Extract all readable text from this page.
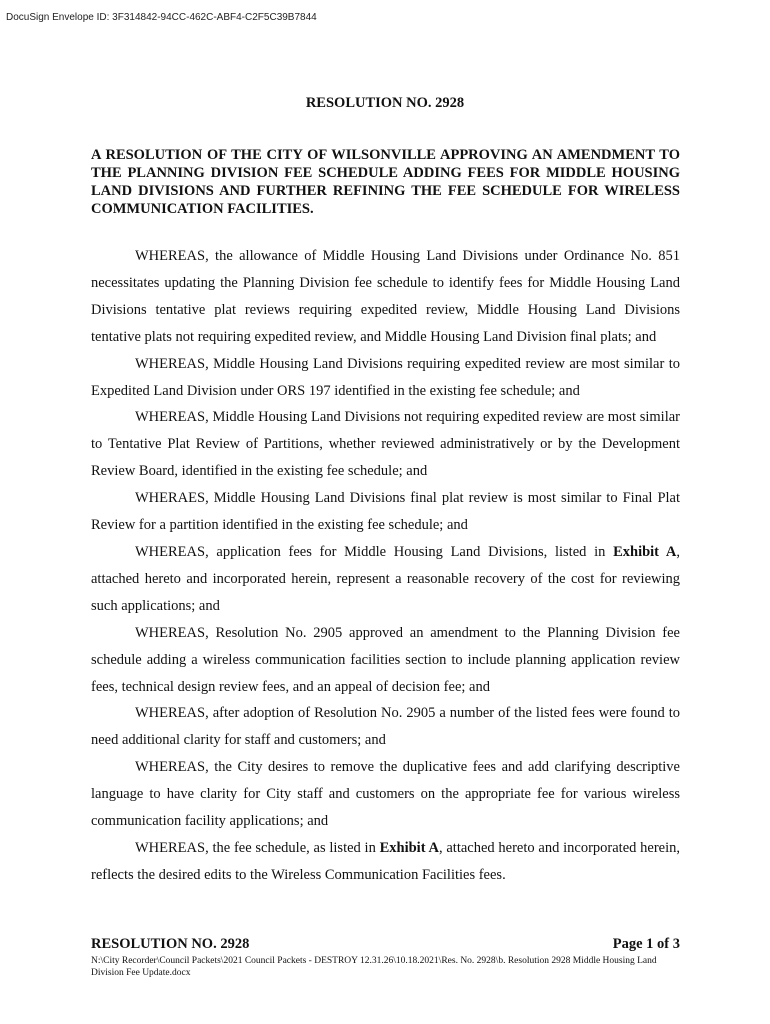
DocuSign Envelope ID: 3F314842-94CC-462C-ABF4-C2F5C39B7844
RESOLUTION NO. 2928
A RESOLUTION OF THE CITY OF WILSONVILLE APPROVING AN AMENDMENT TO THE PLANNING DIVISION FEE SCHEDULE ADDING FEES FOR MIDDLE HOUSING LAND DIVISIONS AND FURTHER REFINING THE FEE SCHEDULE FOR WIRELESS COMMUNICATION FACILITIES.

WHEREAS, the allowance of Middle Housing Land Divisions under Ordinance No. 851 necessitates updating the Planning Division fee schedule to identify fees for Middle Housing Land Divisions tentative plat reviews requiring expedited review, Middle Housing Land Divisions tentative plats not requiring expedited review, and Middle Housing Land Division final plats; and

WHEREAS, Middle Housing Land Divisions requiring expedited review are most similar to Expedited Land Division under ORS 197 identified in the existing fee schedule; and

WHEREAS, Middle Housing Land Divisions not requiring expedited review are most similar to Tentative Plat Review of Partitions, whether reviewed administratively or by the Development Review Board, identified in the existing fee schedule; and

WHERAES, Middle Housing Land Divisions final plat review is most similar to Final Plat Review for a partition identified in the existing fee schedule; and

WHEREAS, application fees for Middle Housing Land Divisions, listed in Exhibit A, attached hereto and incorporated herein, represent a reasonable recovery of the cost for reviewing such applications; and

WHEREAS, Resolution No. 2905 approved an amendment to the Planning Division fee schedule adding a wireless communication facilities section to include planning application review fees, technical design review fees, and an appeal of decision fee; and

WHEREAS, after adoption of Resolution No. 2905 a number of the listed fees were found to need additional clarity for staff and customers; and

WHEREAS, the City desires to remove the duplicative fees and add clarifying descriptive language to have clarity for City staff and customers on the appropriate fee for various wireless communication facility applications; and

WHEREAS, the fee schedule, as listed in Exhibit A, attached hereto and incorporated herein, reflects the desired edits to the Wireless Communication Facilities fees.

RESOLUTION NO. 2928	Page 1 of 3
N:\City Recorder\Council Packets\2021 Council Packets - DESTROY 12.31.26\10.18.2021\Res. No. 2928\b. Resolution 2928 Middle Housing Land Division Fee Update.docx
